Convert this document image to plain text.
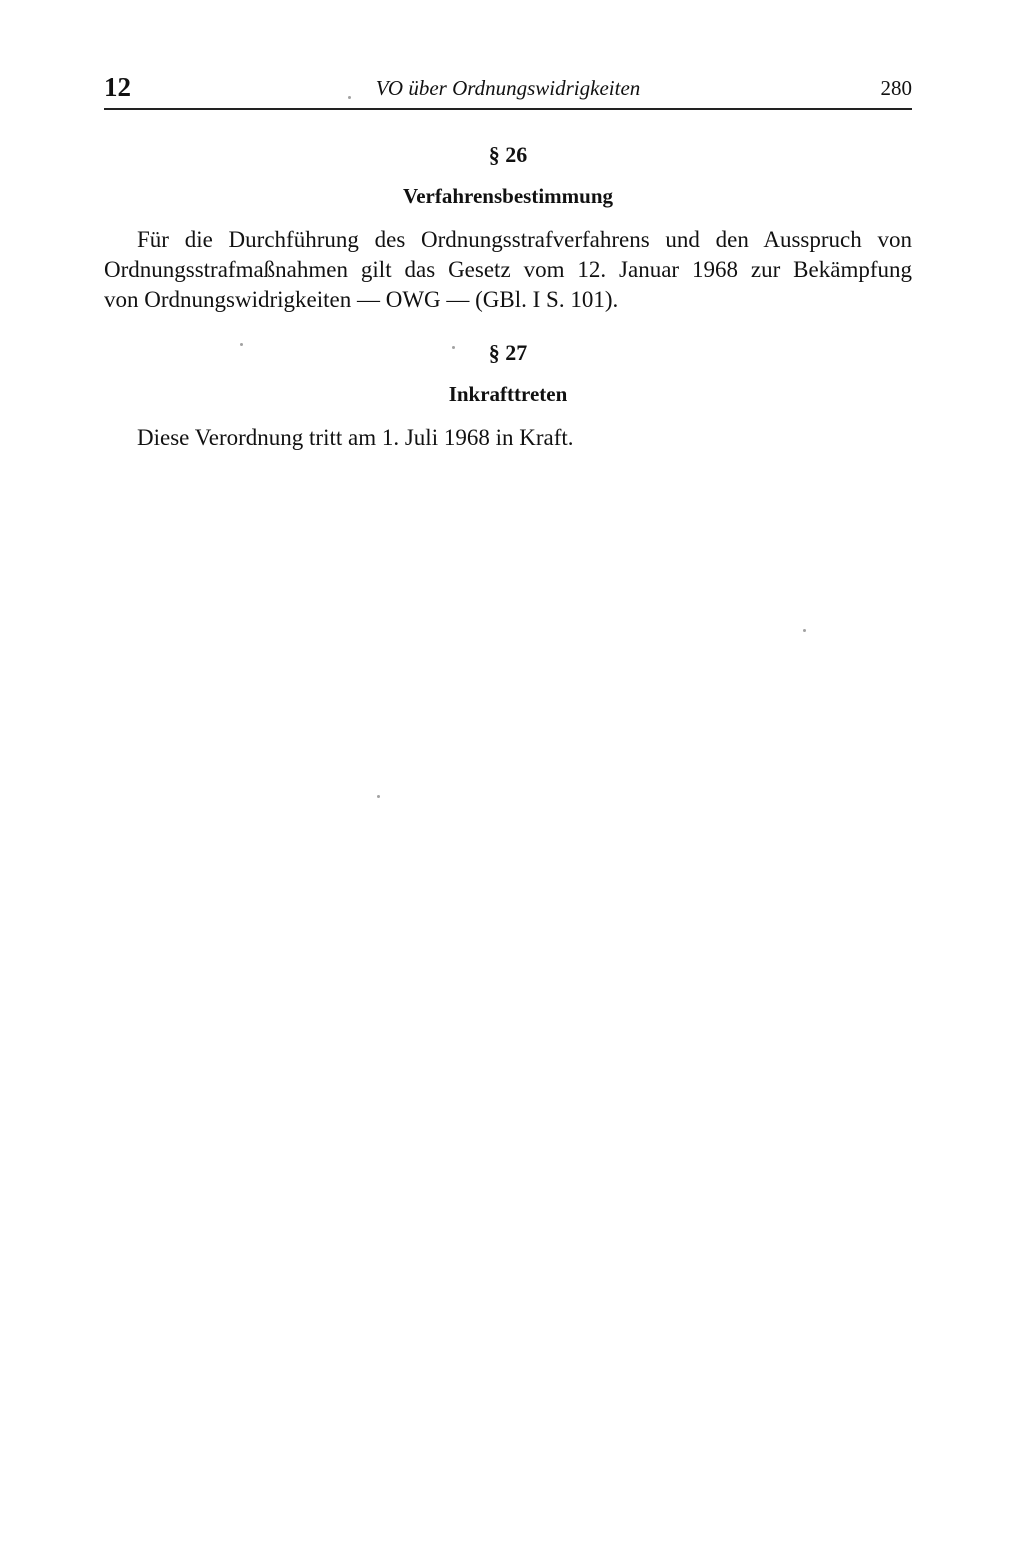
12	VO über Ordnungswidrigkeiten	280
§ 26
Verfahrensbestimmung
Für die Durchführung des Ordnungsstrafverfahrens und den Ausspruch von
Ordnungsstrafmaßnahmen gilt das Gesetz vom 12. Januar 1968 zur Bekämpfung
von Ordnungswidrigkeiten — OWG — (GBl. I S. 101).
§ 27
Inkrafttreten
Diese Verordnung tritt am 1. Juli 1968 in Kraft.
